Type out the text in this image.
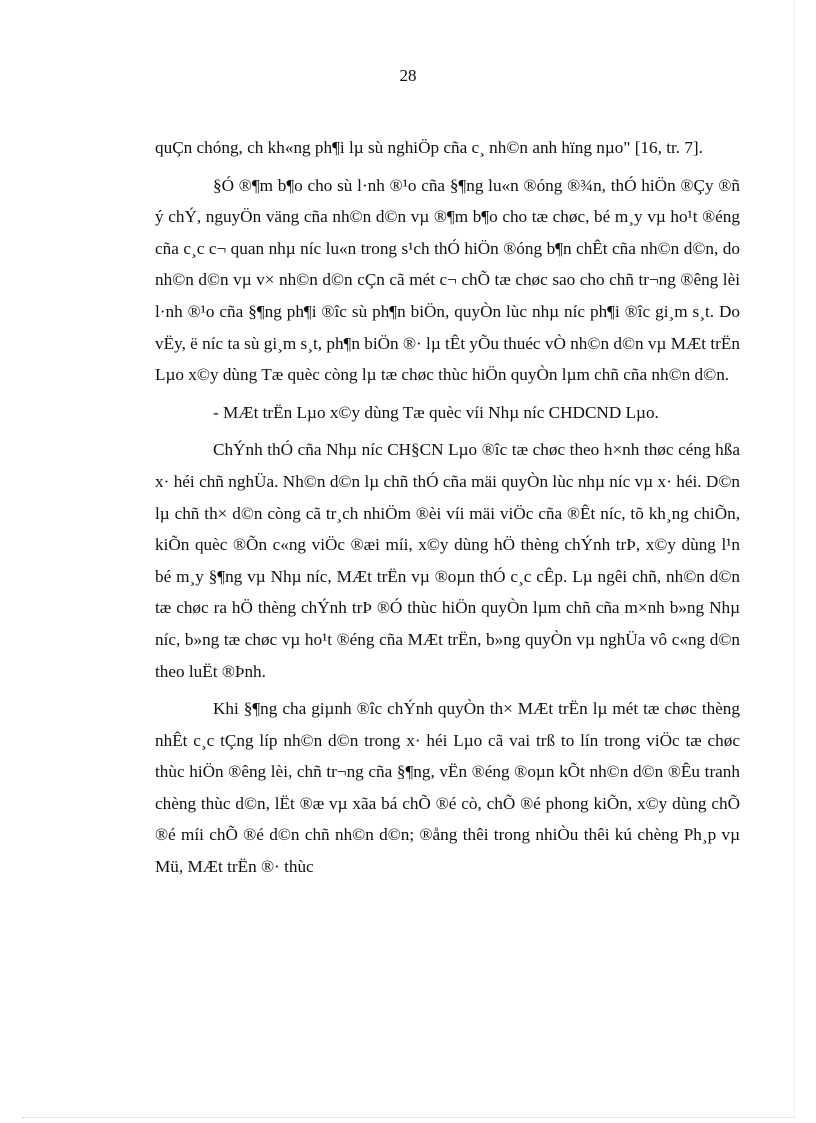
28

quÇn chóng, ch kh«ng ph¶i lµ sù nghiÖp cña c¸ nh©n anh hïng nµo" [16, tr. 7].

§Ó ®¶m b¶o cho sù l·nh ®¹o cña §¶ng lu«n ®óng ®¾n, thÓ hiÖn ®Çy ®ñ ý chÝ, nguyÖn väng cña nh©n d©n vµ ®¶m b¶o cho tæ chøc, bé m¸y vµ ho¹t ®éng cña c¸c c¬ quan nhµ níc lu«n trong s¹ch thÓ hiÖn ®óng b¶n chÊt cña nh©n d©n, do nh©n d©n vµ v× nh©n d©n cÇn cã mét c¬ chÕ tæ chøc sao cho chñ tr¬ng ®êng lèi l·nh ®¹o cña §¶ng ph¶i ®îc sù ph¶n biÖn, quyÒn lùc nhµ níc ph¶i ®îc gi¸m s¸t. Do vËy, ë níc ta sù gi¸m s¸t, ph¶n biÖn ®· lµ tÊt yÕu thuéc vÒ nh©n d©n vµ MÆt trËn Lµo x©y dùng Tæ quèc còng lµ tæ chøc thùc hiÖn quyÒn lµm chñ cña nh©n d©n.

- MÆt trËn Lµo x©y dùng Tæ quèc víi Nhµ níc CHDCND Lµo.

ChÝnh thÓ cña Nhµ níc CH§CN Lµo ®îc tæ chøc theo h×nh thøc céng hßa x· héi chñ nghÜa. Nh©n d©n lµ chñ thÓ cña mäi quyÒn lùc nhµ níc vµ x· héi. D©n lµ chñ th× d©n còng cã tr¸ch nhiÖm ®èi víi mäi viÖc cña ®Êt níc, tõ kh¸ng chiÕn, kiÕn quèc ®Õn c«ng viÖc ®æi míi, x©y dùng hÖ thèng chÝnh trÞ, x©y dùng l¹n bé m¸y §¶ng vµ Nhµ níc, MÆt trËn vµ ®oµn thÓ c¸c cÊp. Lµ ngêi chñ, nh©n d©n tæ chøc ra hÖ thèng chÝnh trÞ ®Ó thùc hiÖn quyÒn lµm chñ cña m×nh b»ng Nhµ níc, b»ng tæ chøc vµ ho¹t ®éng cña MÆt trËn, b»ng quyÒn vµ nghÜa vô c«ng d©n theo luËt ®Þnh.

Khi §¶ng cha giµnh ®îc chÝnh quyÒn th× MÆt trËn lµ mét tæ chøc thèng nhÊt c¸c tÇng líp nh©n d©n trong x· héi Lµo cã vai trß to lín trong viÖc tæ chøc thùc hiÖn ®êng lèi, chñ tr¬ng cña §¶ng, vËn ®éng ®oµn kÕt nh©n d©n ®Êu tranh chèng thùc d©n, lËt ®æ vµ xãa bá chÕ ®é cò, chÕ ®é phong kiÕn, x©y dùng chÕ ®é míi chÕ ®é d©n chñ nh©n d©n; ®ång thêi trong nhiÒu thêi kú chèng Ph¸p vµ Mü, MÆt trËn ®· thùc
